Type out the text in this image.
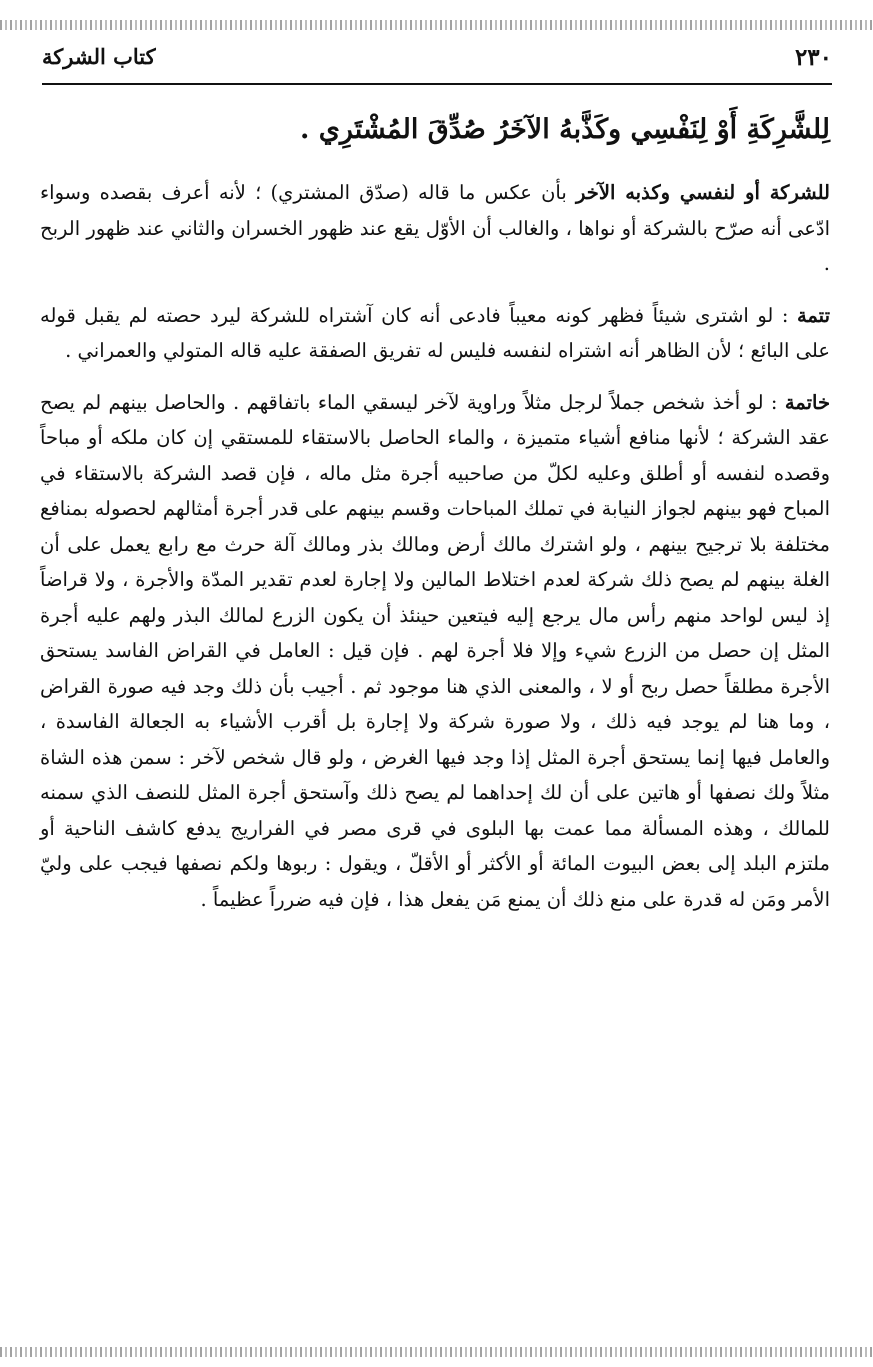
٢٣٠
كتاب الشركة

لِلشَّرِكَةِ أَوْ لِنَفْسِي وكَذَّبهُ الآخَرُ صُدِّقَ المُشْتَرِي .

للشركة أو لنفسي وكذبه الآخر بأن عكس ما قاله (صدّق المشتري) ؛ لأنه أعرف بقصده وسواء ادّعى أنه صرّح بالشركة أو نواها ، والغالب أن الأوّل يقع عند ظهور الخسران والثاني عند ظهور الربح .

تتمة : لو اشترى شيئاً فظهر كونه معيباً فادعى أنه كان آشتراه للشركة ليرد حصته لم يقبل قوله على البائع ؛ لأن الظاهر أنه اشتراه لنفسه فليس له تفريق الصفقة عليه قاله المتولي والعمراني .

خاتمة : لو أخذ شخص جملاً لرجل مثلاً وراوية لآخر ليسقي الماء باتفاقهم . والحاصل بينهم لم يصح عقد الشركة ؛ لأنها منافع أشياء متميزة ، والماء الحاصل بالاستقاء للمستقي إن كان ملكه أو مباحاً وقصده لنفسه أو أطلق وعليه لكلّ من صاحبيه أجرة مثل ماله ، فإن قصد الشركة بالاستقاء في المباح فهو بينهم لجواز النيابة في تملك المباحات وقسم بينهم على قدر أجرة أمثالهم لحصوله بمنافع مختلفة بلا ترجيح بينهم ، ولو اشترك مالك أرض ومالك بذر ومالك آلة حرث مع رابع يعمل على أن الغلة بينهم لم يصح ذلك شركة لعدم اختلاط المالين ولا إجارة لعدم تقدير المدّة والأجرة ، ولا قراضاً إذ ليس لواحد منهم رأس مال يرجع إليه فيتعين حينئذ أن يكون الزرع لمالك البذر ولهم عليه أجرة المثل إن حصل من الزرع شيء وإلا فلا أجرة لهم . فإن قيل : العامل في القراض الفاسد يستحق الأجرة مطلقاً حصل ربح أو لا ، والمعنى الذي هنا موجود ثم . أجيب بأن ذلك وجد فيه صورة القراض ، وما هنا لم يوجد فيه ذلك ، ولا صورة شركة ولا إجارة بل أقرب الأشياء به الجعالة الفاسدة ، والعامل فيها إنما يستحق أجرة المثل إذا وجد فيها الغرض ، ولو قال شخص لآخر : سمن هذه الشاة مثلاً ولك نصفها أو هاتين على أن لك إحداهما لم يصح ذلك وآستحق أجرة المثل للنصف الذي سمنه للمالك ، وهذه المسألة مما عمت بها البلوى في قرى مصر في الفراريج يدفع كاشف الناحية أو ملتزم البلد إلى بعض البيوت المائة أو الأكثر أو الأقلّ ، ويقول : ربوها ولكم نصفها فيجب على وليّ الأمر ومَن له قدرة على منع ذلك أن يمنع مَن يفعل هذا ، فإن فيه ضرراً عظيماً .
